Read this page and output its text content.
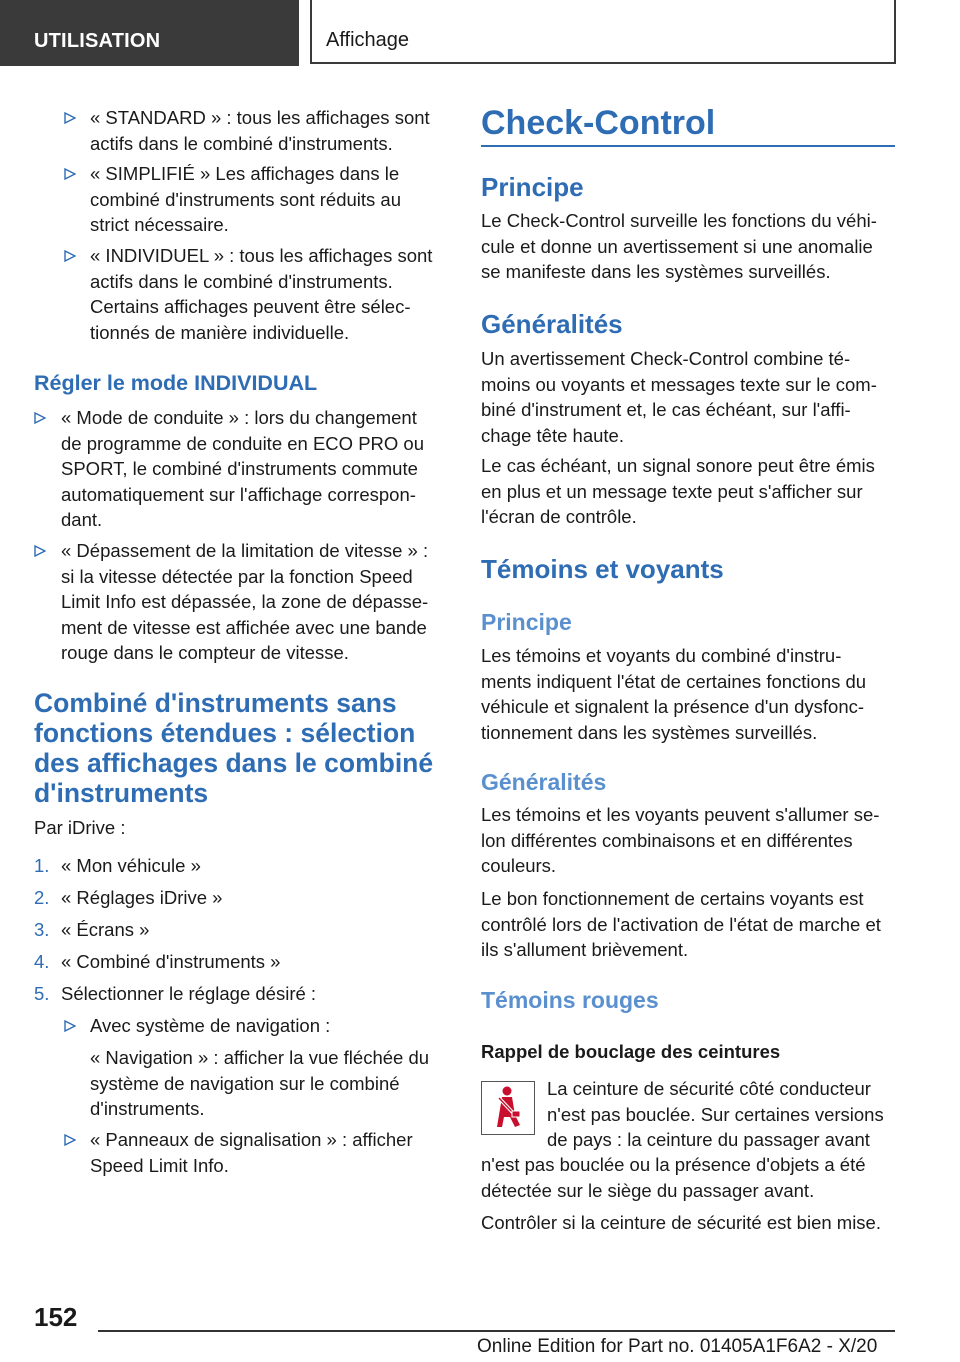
UTILISATION	Affichage
« STANDARD » : tous les affichages sont
actifs dans le combiné d'instruments.
« SIMPLIFIÉ » Les affichages dans le
combiné d'instruments sont réduits au
strict nécessaire.
« INDIVIDUEL » : tous les affichages sont
actifs dans le combiné d'instruments.
Certains affichages peuvent être sélec‐
tionnés de manière individuelle.
Régler le mode INDIVIDUAL
« Mode de conduite » : lors du changement
de programme de conduite en ECO PRO ou
SPORT, le combiné d'instruments commute
automatiquement sur l'affichage correspon‐
dant.
« Dépassement de la limitation de vitesse » :
si la vitesse détectée par la fonction Speed
Limit Info est dépassée, la zone de dépasse‐
ment de vitesse est affichée avec une bande
rouge dans le compteur de vitesse.
Combiné d'instruments sans
fonctions étendues : sélection
des affichages dans le combiné
d'instruments
Par iDrive :
1. « Mon véhicule »
2. « Réglages iDrive »
3. « Écrans »
4. « Combiné d'instruments »
5. Sélectionner le réglage désiré :
Avec système de navigation :
« Navigation » : afficher la vue fléchée du
système de navigation sur le combiné
d'instruments.
« Panneaux de signalisation » : afficher
Speed Limit Info.
Check-Control
Principe
Le Check-Control surveille les fonctions du véhi‐
cule et donne un avertissement si une anomalie
se manifeste dans les systèmes surveillés.
Généralités
Un avertissement Check-Control combine té‐
moins ou voyants et messages texte sur le com‐
biné d'instrument et, le cas échéant, sur l'affi‐
chage tête haute.
Le cas échéant, un signal sonore peut être émis
en plus et un message texte peut s'afficher sur
l'écran de contrôle.
Témoins et voyants
Principe
Les témoins et voyants du combiné d'instru‐
ments indiquent l'état de certaines fonctions du
véhicule et signalent la présence d'un dysfonc‐
tionnement dans les systèmes surveillés.
Généralités
Les témoins et les voyants peuvent s'allumer se‐
lon différentes combinaisons et en différentes
couleurs.
Le bon fonctionnement de certains voyants est
contrôlé lors de l'activation de l'état de marche et
ils s'allument brièvement.
Témoins rouges
Rappel de bouclage des ceintures
La ceinture de sécurité côté conducteur
n'est pas bouclée. Sur certaines versions
de pays : la ceinture du passager avant
n'est pas bouclée ou la présence d'objets a été
détectée sur le siège du passager avant.
Contrôler si la ceinture de sécurité est bien mise.
152
Online Edition for Part no. 01405A1F6A2 - X/20
